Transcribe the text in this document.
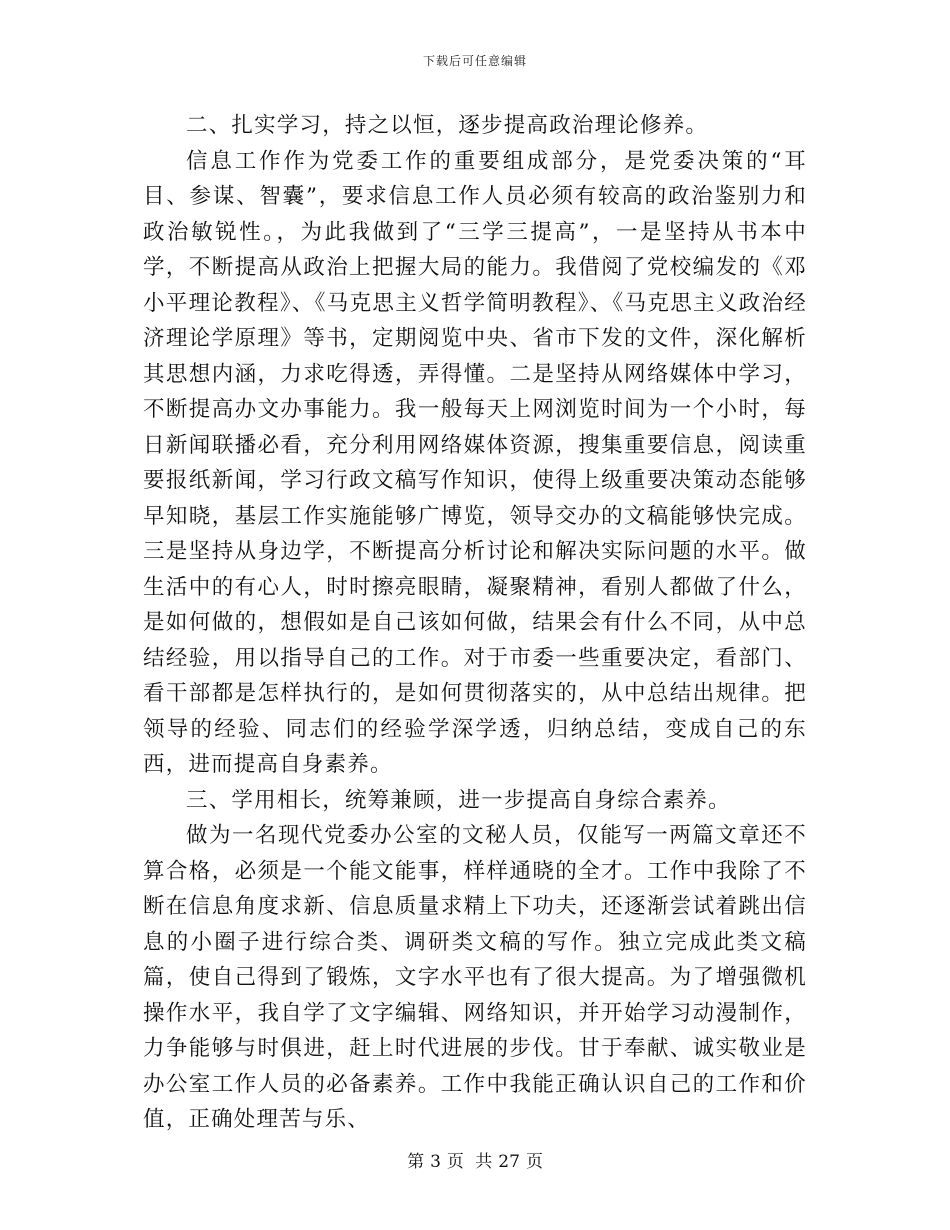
下载后可任意编辑

二、扎实学习，持之以恒，逐步提高政治理论修养。

信息工作作为党委工作的重要组成部分，是党委决策的“耳目、参谋、智囊”，要求信息工作人员必须有较高的政治鉴别力和政治敏锐性。，为此我做到了“三学三提高”，一是坚持从书本中学，不断提高从政治上把握大局的能力。我借阅了党校编发的《邓小平理论教程》、《马克思主义哲学简明教程》、《马克思主义政治经济理论学原理》等书，定期阅览中央、省市下发的文件，深化解析其思想内涵，力求吃得透，弄得懂。二是坚持从网络媒体中学习，不断提高办文办事能力。我一般每天上网浏览时间为一个小时，每日新闻联播必看，充分利用网络媒体资源，搜集重要信息，阅读重要报纸新闻，学习行政文稿写作知识，使得上级重要决策动态能够早知晓，基层工作实施能够广博览，领导交办的文稿能够快完成。三是坚持从身边学，不断提高分析讨论和解决实际问题的水平。做生活中的有心人，时时擦亮眼睛，凝聚精神，看别人都做了什么，是如何做的，想假如是自己该如何做，结果会有什么不同，从中总结经验，用以指导自己的工作。对于市委一些重要决定，看部门、看干部都是怎样执行的，是如何贯彻落实的，从中总结出规律。把领导的经验、同志们的经验学深学透，归纳总结，变成自己的东西，进而提高自身素养。

三、学用相长，统筹兼顾，进一步提高自身综合素养。

做为一名现代党委办公室的文秘人员，仅能写一两篇文章还不算合格，必须是一个能文能事，样样通晓的全才。工作中我除了不断在信息角度求新、信息质量求精上下功夫，还逐渐尝试着跳出信息的小圈子进行综合类、调研类文稿的写作。独立完成此类文稿篇，使自己得到了锻炼，文字水平也有了很大提高。为了增强微机操作水平，我自学了文字编辑、网络知识，并开始学习动漫制作，力争能够与时俱进，赶上时代进展的步伐。甘于奉献、诚实敬业是办公室工作人员的必备素养。工作中我能正确认识自己的工作和价值，正确处理苦与乐、

第 3 页 共 27 页
